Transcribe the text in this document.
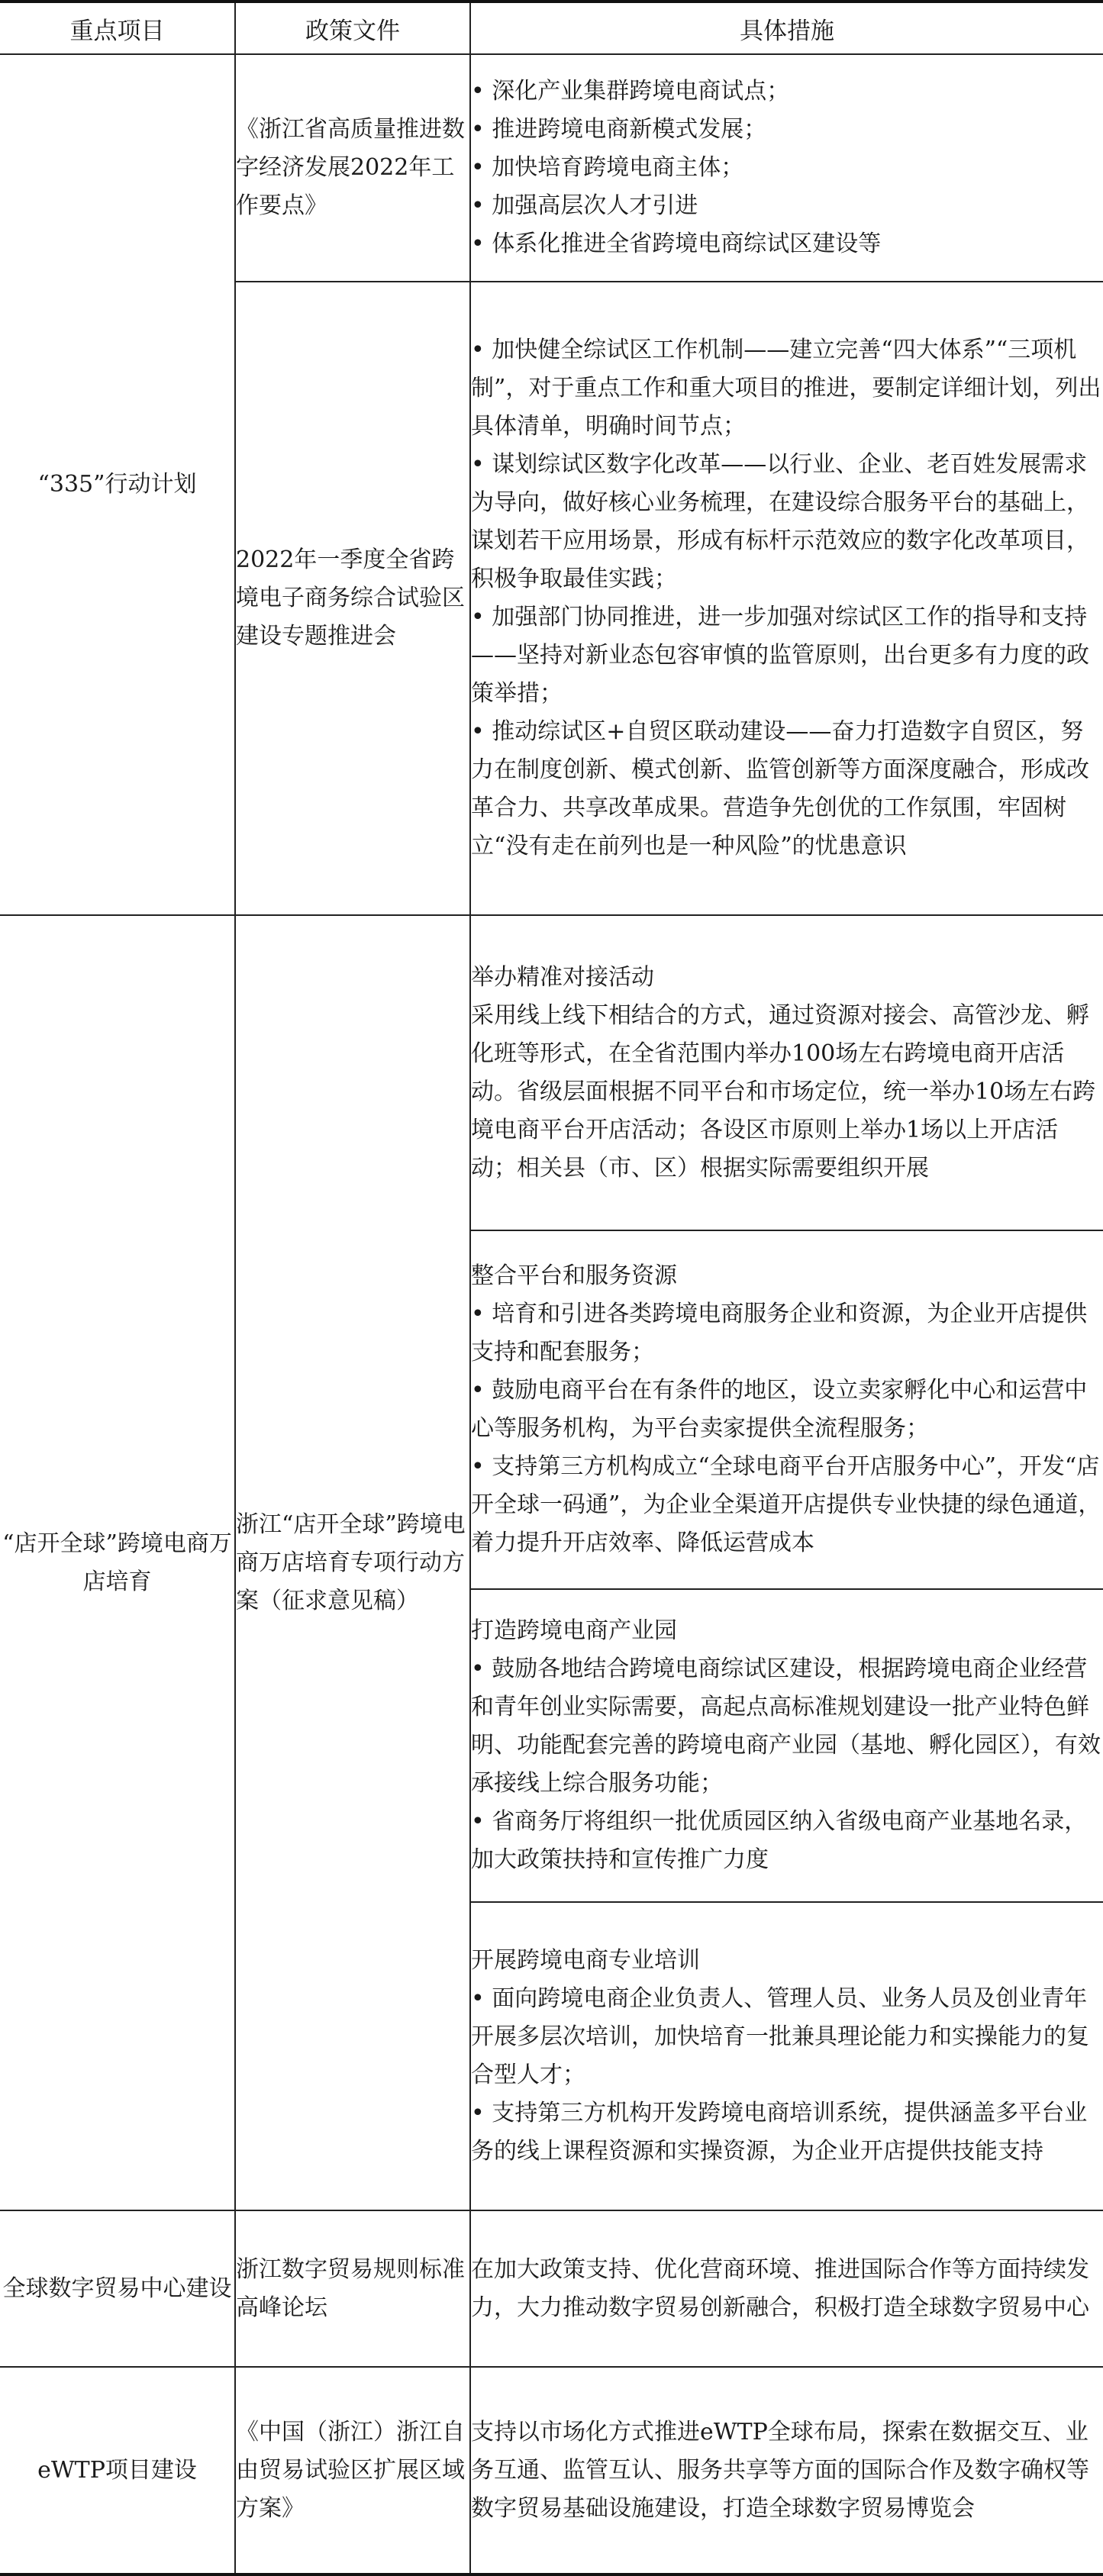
重点项目	政策文件	具体措施
“335”行动计划	《浙江省高质量推进数字经济发展2022年工作要点》	• 深化产业集群跨境电商试点；
• 推进跨境电商新模式发展；
• 加快培育跨境电商主体；
• 加强高层次人才引进
• 体系化推进全省跨境电商综试区建设等

	2022年一季度全省跨境电子商务综合试验区建设专题推进会	• 加快健全综试区工作机制——建立完善“四大体系”“三项机制”，对于重点工作和重大项目的推进，要制定详细计划，列出具体清单，明确时间节点；
• 谋划综试区数字化改革——以行业、企业、老百姓发展需求为导向，做好核心业务梳理，在建设综合服务平台的基础上，谋划若干应用场景，形成有标杆示范效应的数字化改革项目，积极争取最佳实践；
• 加强部门协同推进，进一步加强对综试区工作的指导和支持——坚持对新业态包容审慎的监管原则，出台更多有力度的政策举措；
• 推动综试区+自贸区联动建设——奋力打造数字自贸区，努力在制度创新、模式创新、监管创新等方面深度融合，形成改革合力、共享改革成果。营造争先创优的工作氛围，牢固树立“没有走在前列也是一种风险”的忧患意识

“店开全球”跨境电商万店培育	浙江“店开全球”跨境电商万店培育专项行动方案（征求意见稿）	举办精准对接活动
采用线上线下相结合的方式，通过资源对接会、高管沙龙、孵化班等形式，在全省范围内举办100场左右跨境电商开店活动。省级层面根据不同平台和市场定位，统一举办10场左右跨境电商平台开店活动；各设区市原则上举办1场以上开店活动；相关县（市、区）根据实际需要组织开展

		整合平台和服务资源
• 培育和引进各类跨境电商服务企业和资源，为企业开店提供支持和配套服务；
• 鼓励电商平台在有条件的地区，设立卖家孵化中心和运营中心等服务机构，为平台卖家提供全流程服务；
• 支持第三方机构成立“全球电商平台开店服务中心”，开发“店开全球一码通”，为企业全渠道开店提供专业快捷的绿色通道，着力提升开店效率、降低运营成本

		打造跨境电商产业园
• 鼓励各地结合跨境电商综试区建设，根据跨境电商企业经营和青年创业实际需要，高起点高标准规划建设一批产业特色鲜明、功能配套完善的跨境电商产业园（基地、孵化园区），有效承接线上综合服务功能；
• 省商务厅将组织一批优质园区纳入省级电商产业基地名录，加大政策扶持和宣传推广力度

		开展跨境电商专业培训
• 面向跨境电商企业负责人、管理人员、业务人员及创业青年开展多层次培训，加快培育一批兼具理论能力和实操能力的复合型人才；
• 支持第三方机构开发跨境电商培训系统，提供涵盖多平台业务的线上课程资源和实操资源，为企业开店提供技能支持

全球数字贸易中心建设	浙江数字贸易规则标准高峰论坛	在加大政策支持、优化营商环境、推进国际合作等方面持续发力，大力推动数字贸易创新融合，积极打造全球数字贸易中心

eWTP项目建设	《中国（浙江）浙江自由贸易试验区扩展区域方案》	支持以市场化方式推进eWTP全球布局，探索在数据交互、业务互通、监管互认、服务共享等方面的国际合作及数字确权等数字贸易基础设施建设，打造全球数字贸易博览会
